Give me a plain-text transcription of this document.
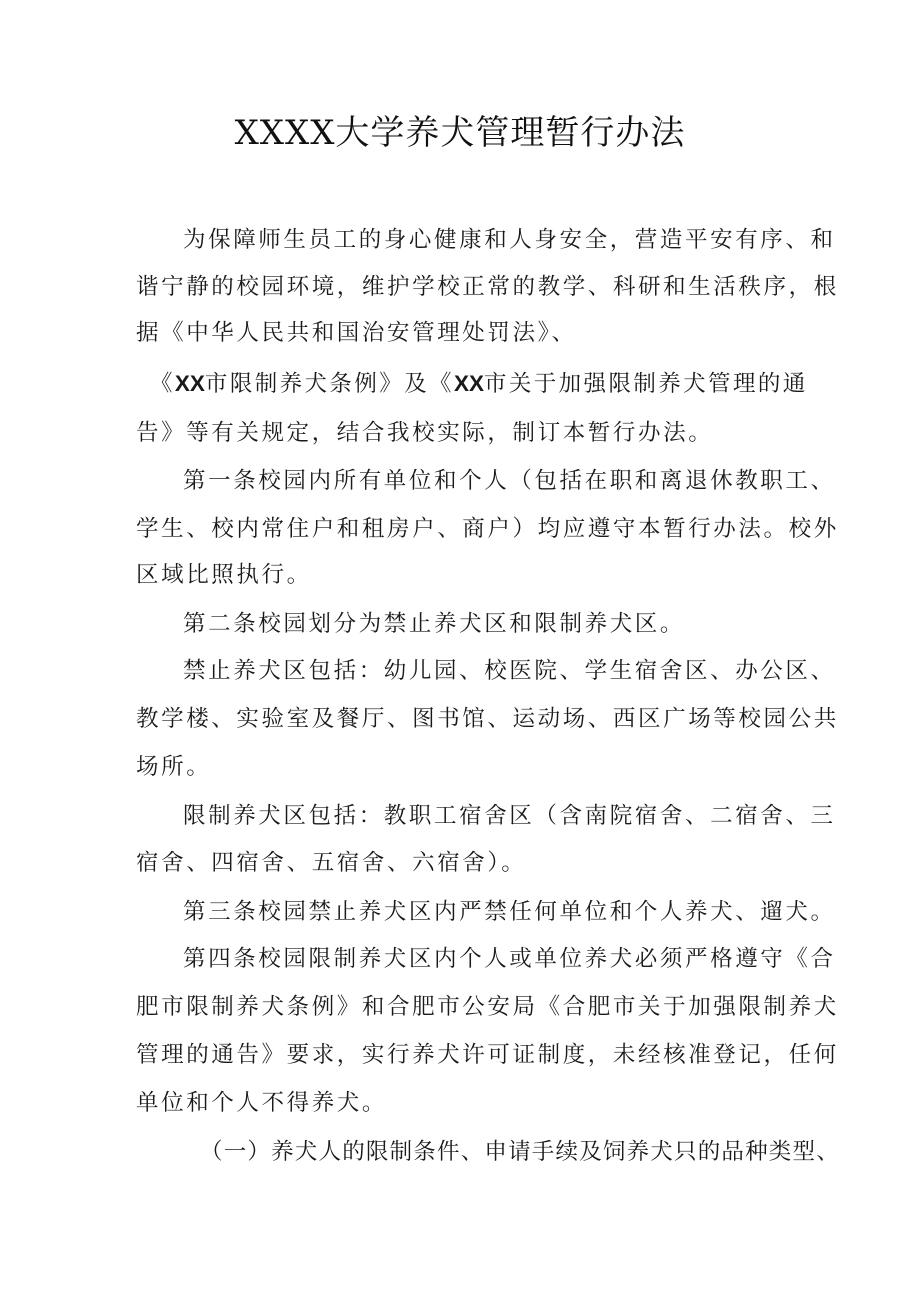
XXXX大学养犬管理暂行办法
为保障师生员工的身心健康和人身安全，营造平安有序、和
谐宁静的校园环境，维护学校正常的教学、科研和生活秩序，根
据《中华人民共和国治安管理处罚法》、
《XX市限制养犬条例》及《XX市关于加强限制养犬管理的通
告》等有关规定，结合我校实际，制订本暂行办法。
第一条校园内所有单位和个人（包括在职和离退休教职工、
学生、校内常住户和租房户、商户）均应遵守本暂行办法。校外
区域比照执行。
第二条校园划分为禁止养犬区和限制养犬区。
禁止养犬区包括：幼儿园、校医院、学生宿舍区、办公区、
教学楼、实验室及餐厅、图书馆、运动场、西区广场等校园公共
场所。
限制养犬区包括：教职工宿舍区（含南院宿舍、二宿舍、三
宿舍、四宿舍、五宿舍、六宿舍）。
第三条校园禁止养犬区内严禁任何单位和个人养犬、遛犬。
第四条校园限制养犬区内个人或单位养犬必须严格遵守《合
肥市限制养犬条例》和合肥市公安局《合肥市关于加强限制养犬
管理的通告》要求，实行养犬许可证制度，未经核准登记，任何
单位和个人不得养犬。
（一）养犬人的限制条件、申请手续及饲养犬只的品种类型、
